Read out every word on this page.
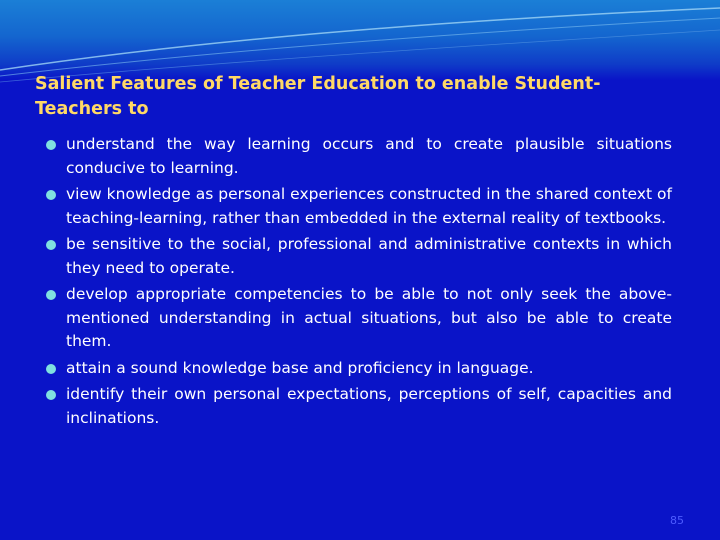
Salient Features of Teacher Education to enable Student-Teachers to
understand the way learning occurs and to create plausible situations conducive to learning.
view knowledge as personal experiences constructed in the shared context of teaching-learning, rather than embedded in the external reality of textbooks.
be sensitive to the social, professional and administrative contexts in which they need to operate.
develop appropriate competencies to be able to not only seek the above-mentioned understanding in actual situations, but also be able to create them.
attain a sound knowledge base and proficiency in language.
identify their own personal expectations, perceptions of self, capacities and inclinations.
85
